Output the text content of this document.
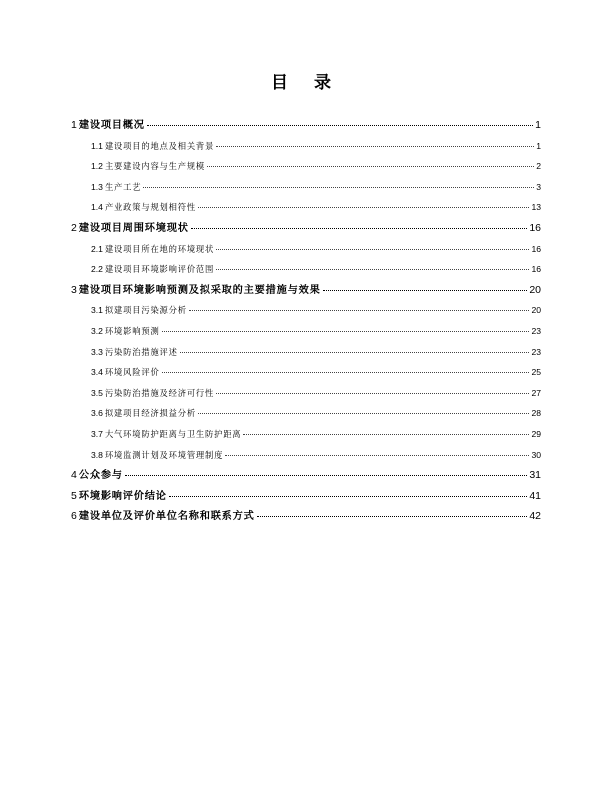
目 录
1 建设项目概况	1
1.1 建设项目的地点及相关背景	1
1.2 主要建设内容与生产规模	2
1.3 生产工艺	3
1.4 产业政策与规划相符性	13
2 建设项目周围环境现状	16
2.1 建设项目所在地的环境现状	16
2.2 建设项目环境影响评价范围	16
3 建设项目环境影响预测及拟采取的主要措施与效果	20
3.1 拟建项目污染源分析	20
3.2 环境影响预测	23
3.3 污染防治措施评述	23
3.4 环境风险评价	25
3.5 污染防治措施及经济可行性	27
3.6 拟建项目经济损益分析	28
3.7 大气环境防护距离与卫生防护距离	29
3.8 环境监测计划及环境管理制度	30
4 公众参与	31
5 环境影响评价结论	41
6 建设单位及评价单位名称和联系方式	42
